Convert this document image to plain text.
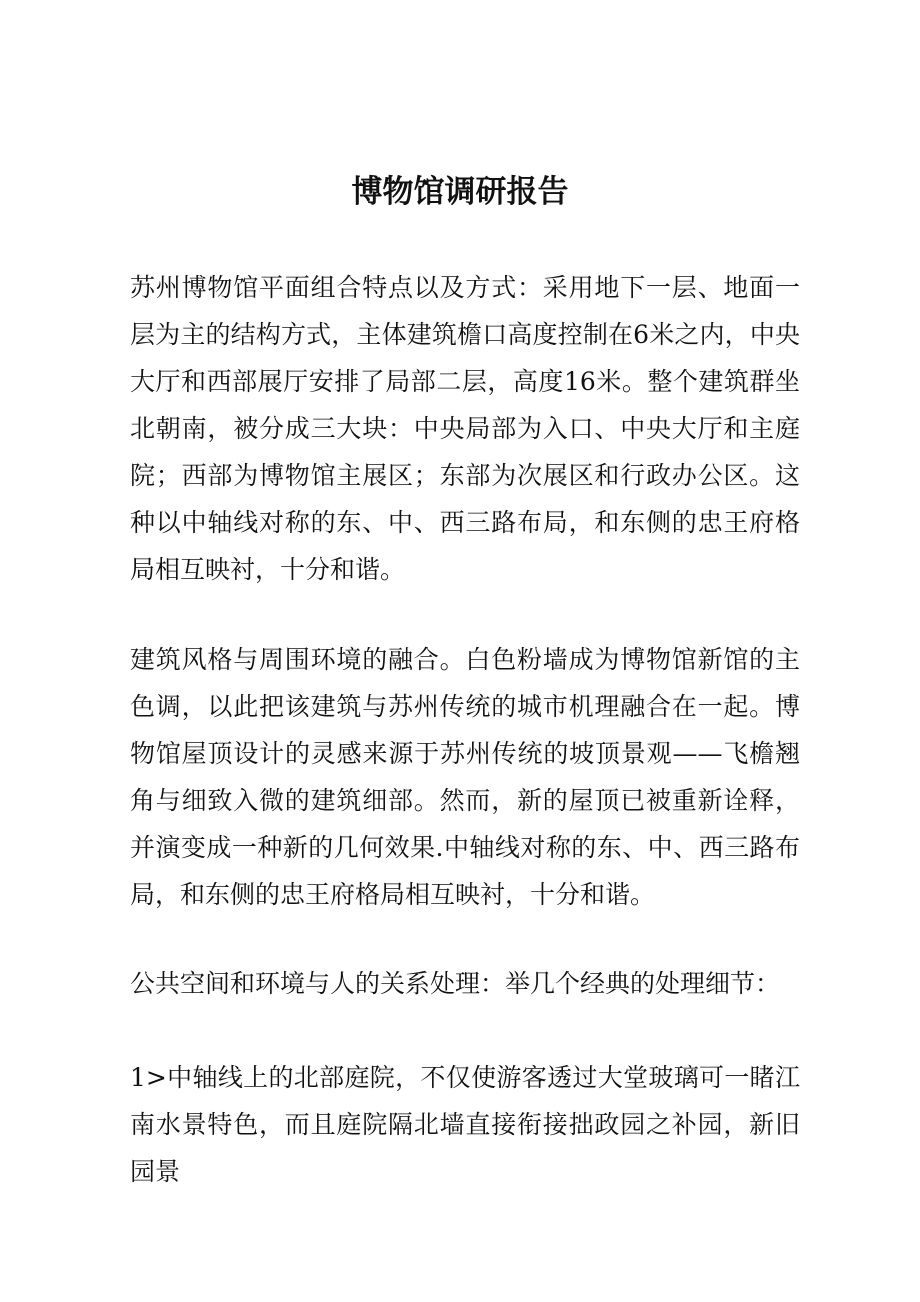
博物馆调研报告

苏州博物馆平面组合特点以及方式：采用地下一层、地面一层为主的结构方式，主体建筑檐口高度控制在6米之内，中央大厅和西部展厅安排了局部二层，高度16米。整个建筑群坐北朝南，被分成三大块：中央局部为入口、中央大厅和主庭院；西部为博物馆主展区；东部为次展区和行政办公区。这种以中轴线对称的东、中、西三路布局，和东侧的忠王府格局相互映衬，十分和谐。

建筑风格与周围环境的融合。白色粉墙成为博物馆新馆的主色调，以此把该建筑与苏州传统的城市机理融合在一起。博物馆屋顶设计的灵感来源于苏州传统的坡顶景观——飞檐翘角与细致入微的建筑细部。然而，新的屋顶已被重新诠释，并演变成一种新的几何效果.中轴线对称的东、中、西三路布局，和东侧的忠王府格局相互映衬，十分和谐。

公共空间和环境与人的关系处理：举几个经典的处理细节：

1>中轴线上的北部庭院，不仅使游客透过大堂玻璃可一睹江南水景特色，而且庭院隔北墙直接衔接拙政园之补园，新旧园景
